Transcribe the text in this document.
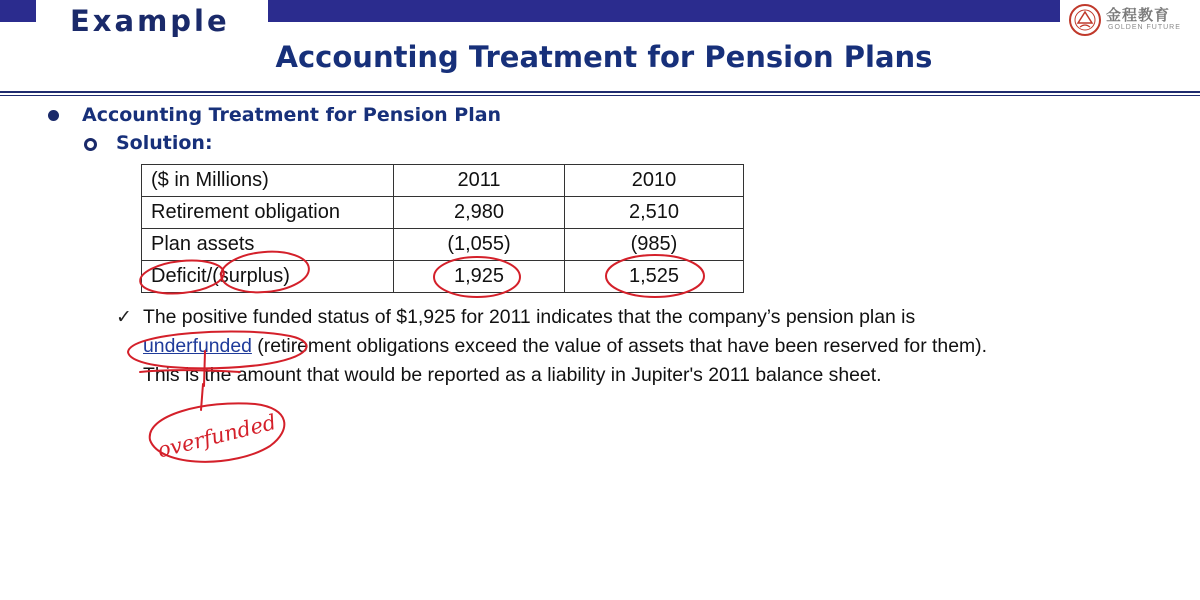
Example
Accounting Treatment for Pension Plans
金程教育
GOLDEN FUTURE
Accounting Treatment for Pension Plan
Solution:
($ in Millions)	2011	2010
Retirement obligation	2,980	2,510
Plan assets	(1,055)	(985)
Deficit/(surplus)	1,925	1,525
✓ The positive funded status of $1,925 for 2011 indicates that the company’s pension plan is
underfunded (retirement obligations exceed the value of assets that have been reserved for them).
This is the amount that would be reported as a liability in Jupiter's 2011 balance sheet.
overfunded
